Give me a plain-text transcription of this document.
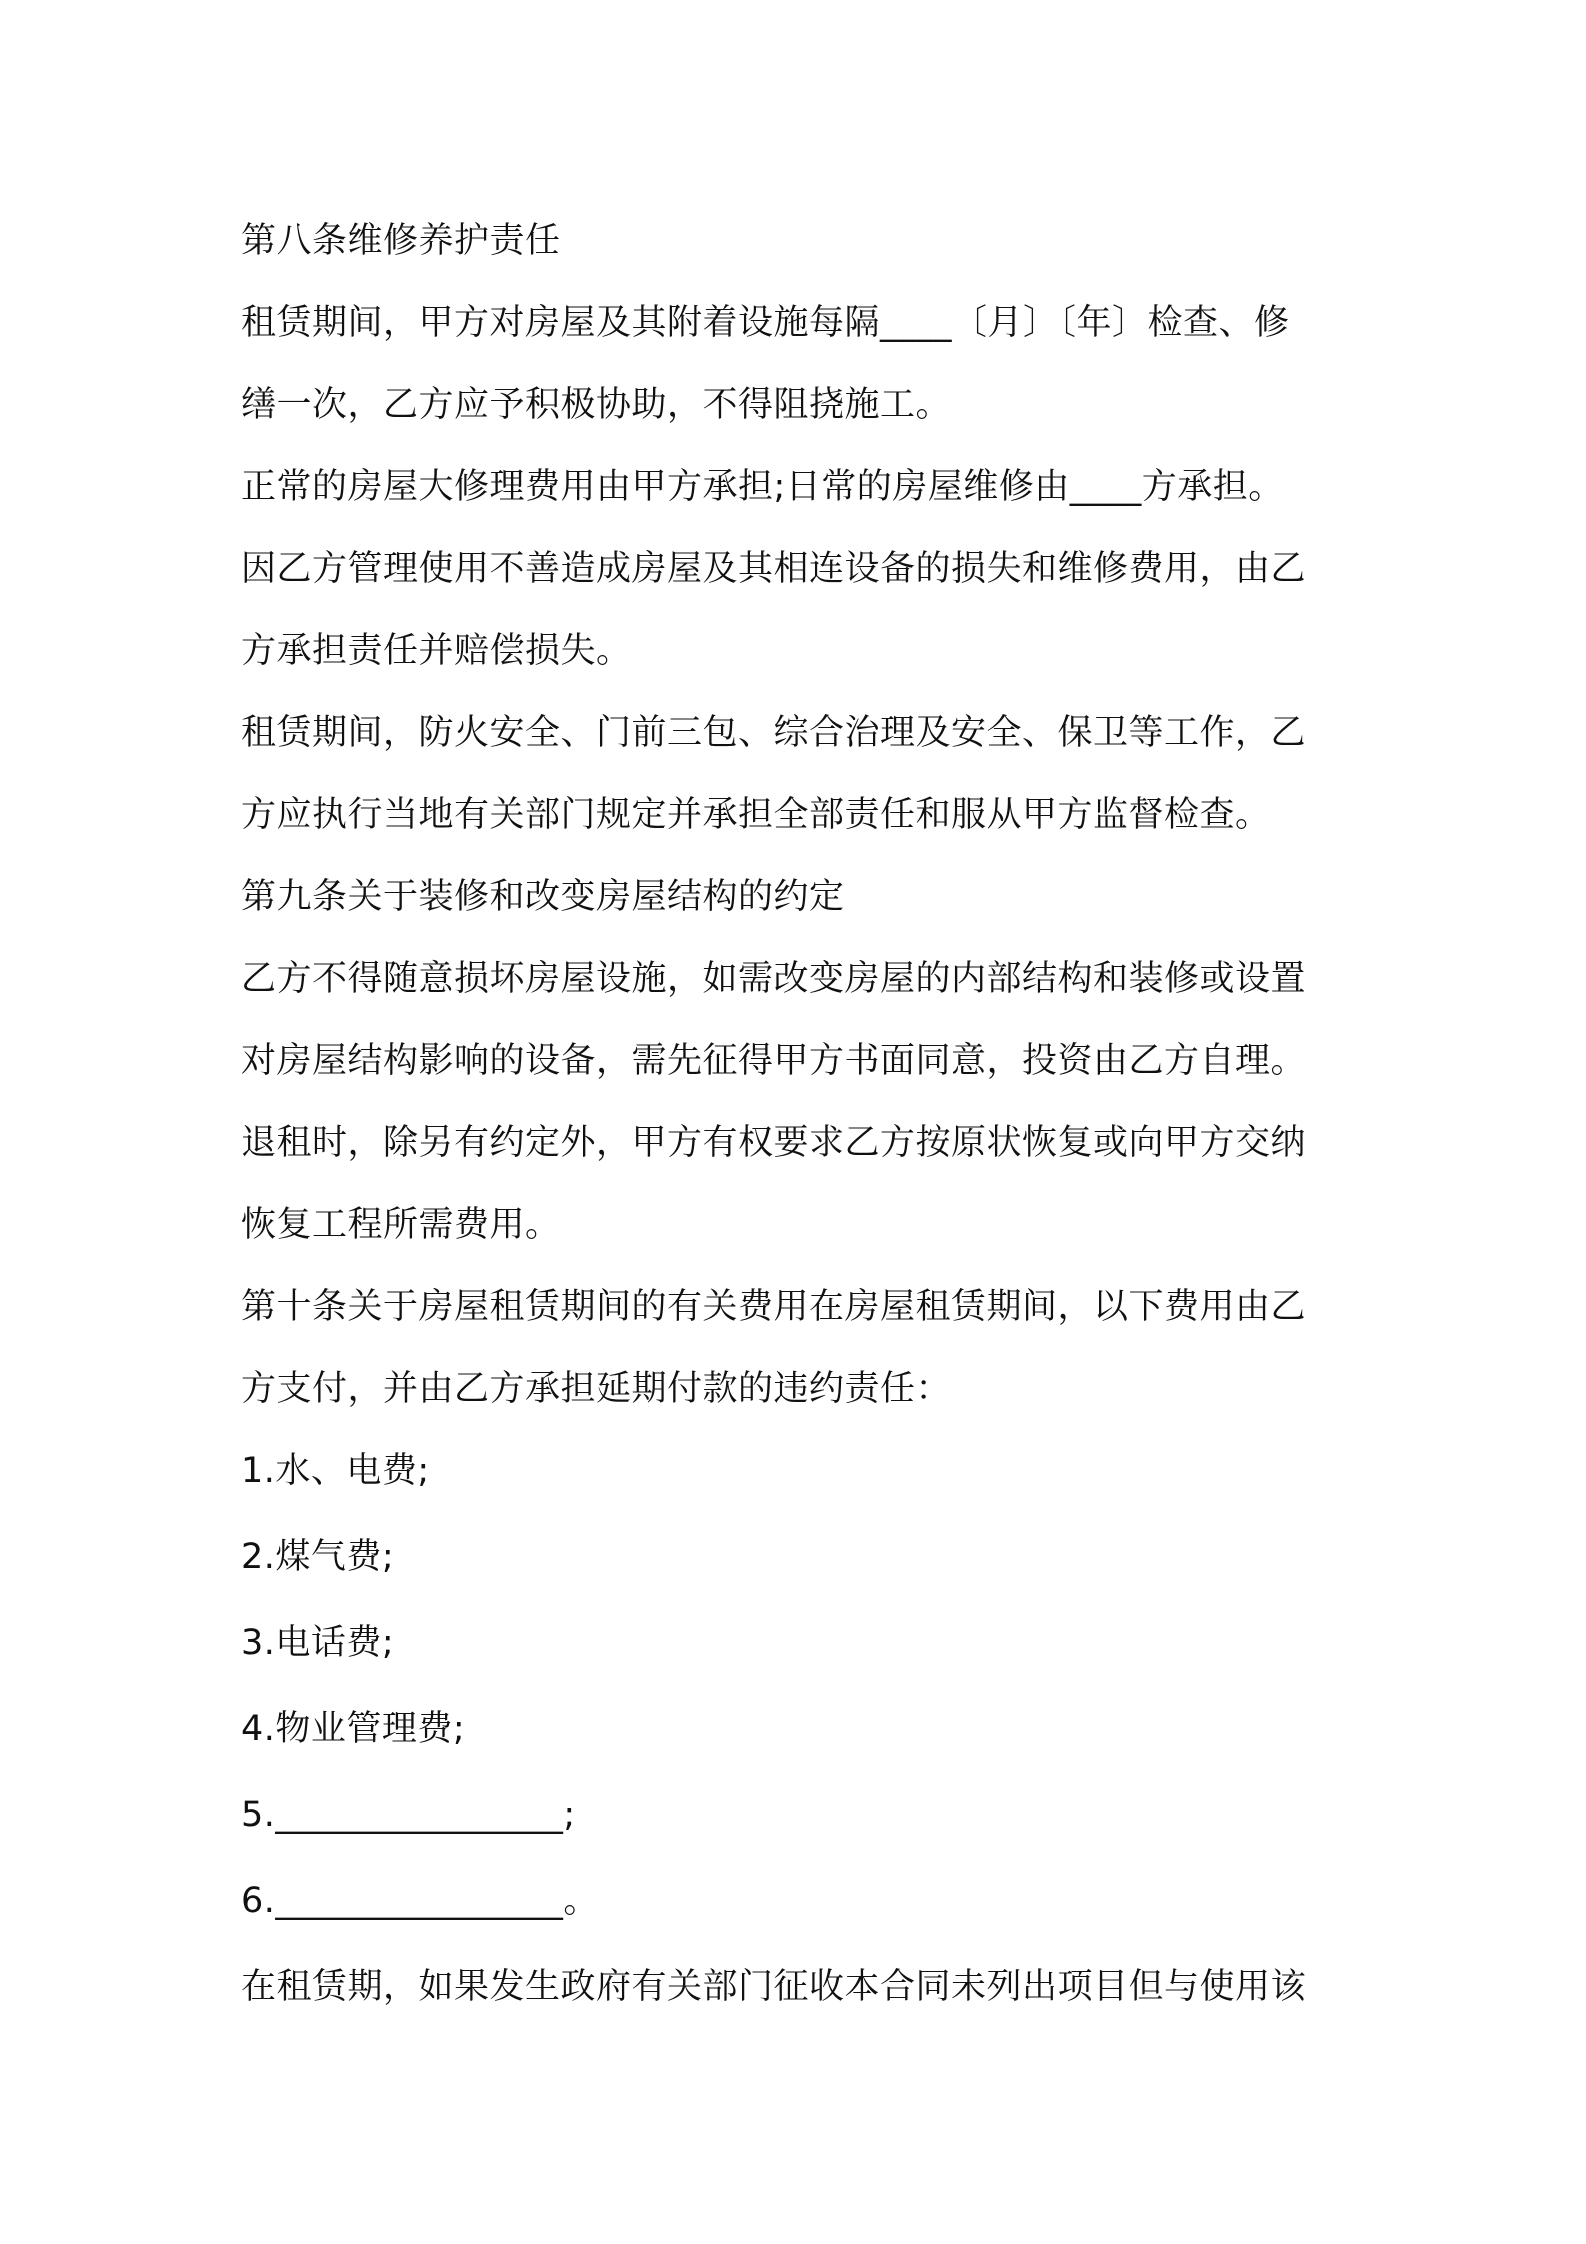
第八条维修养护责任
租赁期间，甲方对房屋及其附着设施每隔____〔月〕〔年〕检查、修
缮一次，乙方应予积极协助，不得阻挠施工。
正常的房屋大修理费用由甲方承担;日常的房屋维修由____方承担。
因乙方管理使用不善造成房屋及其相连设备的损失和维修费用，由乙
方承担责任并赔偿损失。
租赁期间，防火安全、门前三包、综合治理及安全、保卫等工作，乙
方应执行当地有关部门规定并承担全部责任和服从甲方监督检查。
第九条关于装修和改变房屋结构的约定
乙方不得随意损坏房屋设施，如需改变房屋的内部结构和装修或设置
对房屋结构影响的设备，需先征得甲方书面同意，投资由乙方自理。
退租时，除另有约定外，甲方有权要求乙方按原状恢复或向甲方交纳
恢复工程所需费用。
第十条关于房屋租赁期间的有关费用在房屋租赁期间，以下费用由乙
方支付，并由乙方承担延期付款的违约责任：
1.水、电费;
2.煤气费;
3.电话费;
4.物业管理费;
5.________________;
6.________________。
在租赁期，如果发生政府有关部门征收本合同未列出项目但与使用该
